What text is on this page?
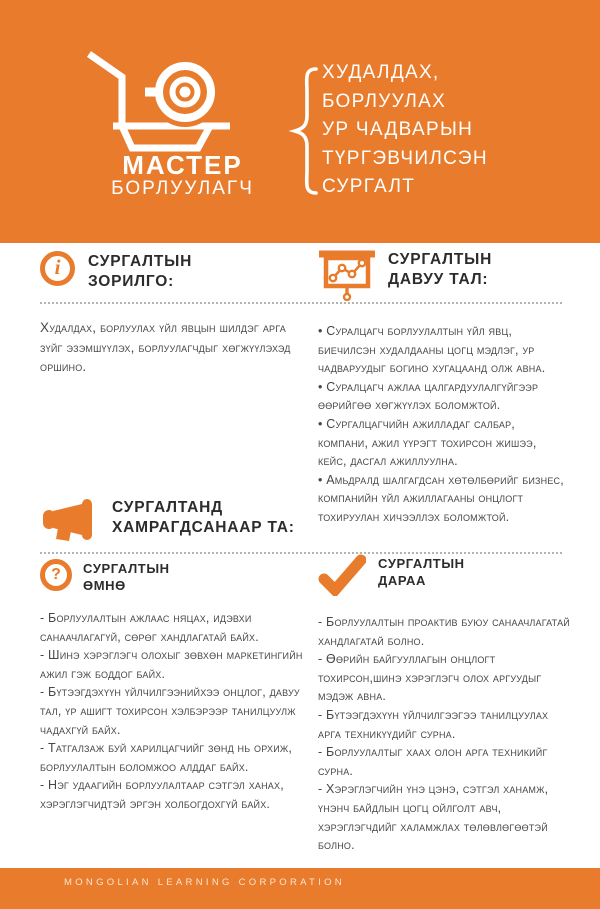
МАСТЕР
БОРЛУУЛАГЧ
ХУДАЛДАХ,
БОРЛУУЛАХ
УР ЧАДВАРЫН
ТҮРГЭВЧИЛСЭН
СУРГАЛТ
i СУРГАЛТЫН
ЗОРИЛГО:
Худалдах, борлуулах үйл явцын шилдэг арга зүйг эзэмшүүлэх, борлуулагчдыг хөгжүүлэхэд оршино.
СУРГАЛТЫН
ДАВУУ ТАЛ:

• Суралцагч борлуулалтын үйл явц, биечилсэн худалдааны цогц мэдлэг, ур чадваруудыг богино хугацаанд олж авна.

• Суралцагч ажлаа цалгардуулалгүйгээр өөрийгөө хөгжүүлэх боломжтой.

• Сургалцагчийн ажилладаг салбар, компани, ажил үүрэгт тохирсон жишээ, кейс, дасгал ажиллуулна.

• Амьдралд шалгагдсан хөтөлбөрийг бизнес, компанийн үйл ажиллагааны онцлогт тохируулан хичээллэх боломжтой.

СУРГАЛТАНД
ХАМРАГДСАНААР ТА:
? СУРГАЛТЫН
ӨМНӨ

- Борлуулалтын ажлаас няцах, идэвхи санаачлагагүй, сөрөг хандлагатай байх.

- Шинэ хэрэглэгч олохыг зөвхөн маркетингийн ажил гэж боддог байх.

- Бүтээгдэхүүн үйлчилгээнийхээ онцлог, давуу тал, үр ашигт тохирсон хэлбэрээр танилцуулж чадахгүй байх.

- Татгалзаж буй харилцагчийг зөнд нь орхиж, борлуулалтын боломжоо алддаг байх.

- Нэг удаагийн борлуулалтаар сэтгэл ханах, хэрэглэгчидтэй эргэн холбогдохгүй байх.

СУРГАЛТЫН
ДАРАА

- Борлуулалтын проактив буюу санаачлагатай хандлагатай болно.

- Өөрийн байгууллагын онцлогт тохирсон,шинэ хэрэглэгч олох аргуудыг мэдэж авна.

- Бүтээгдэхүүн үйлчилгээгээ танилцуулах арга техникүүдийг сурна.

- Борлуулалтыг хаах олон арга техникийг сурна.

- Хэрэглэгчийн үнэ цэнэ, сэтгэл ханамж, үнэнч байдлын цогц ойлголт авч, хэрэглэгчдийг халамжлах төлөвлөгөөтэй болно.

MONGOLIAN LEARNING CORPORATION
